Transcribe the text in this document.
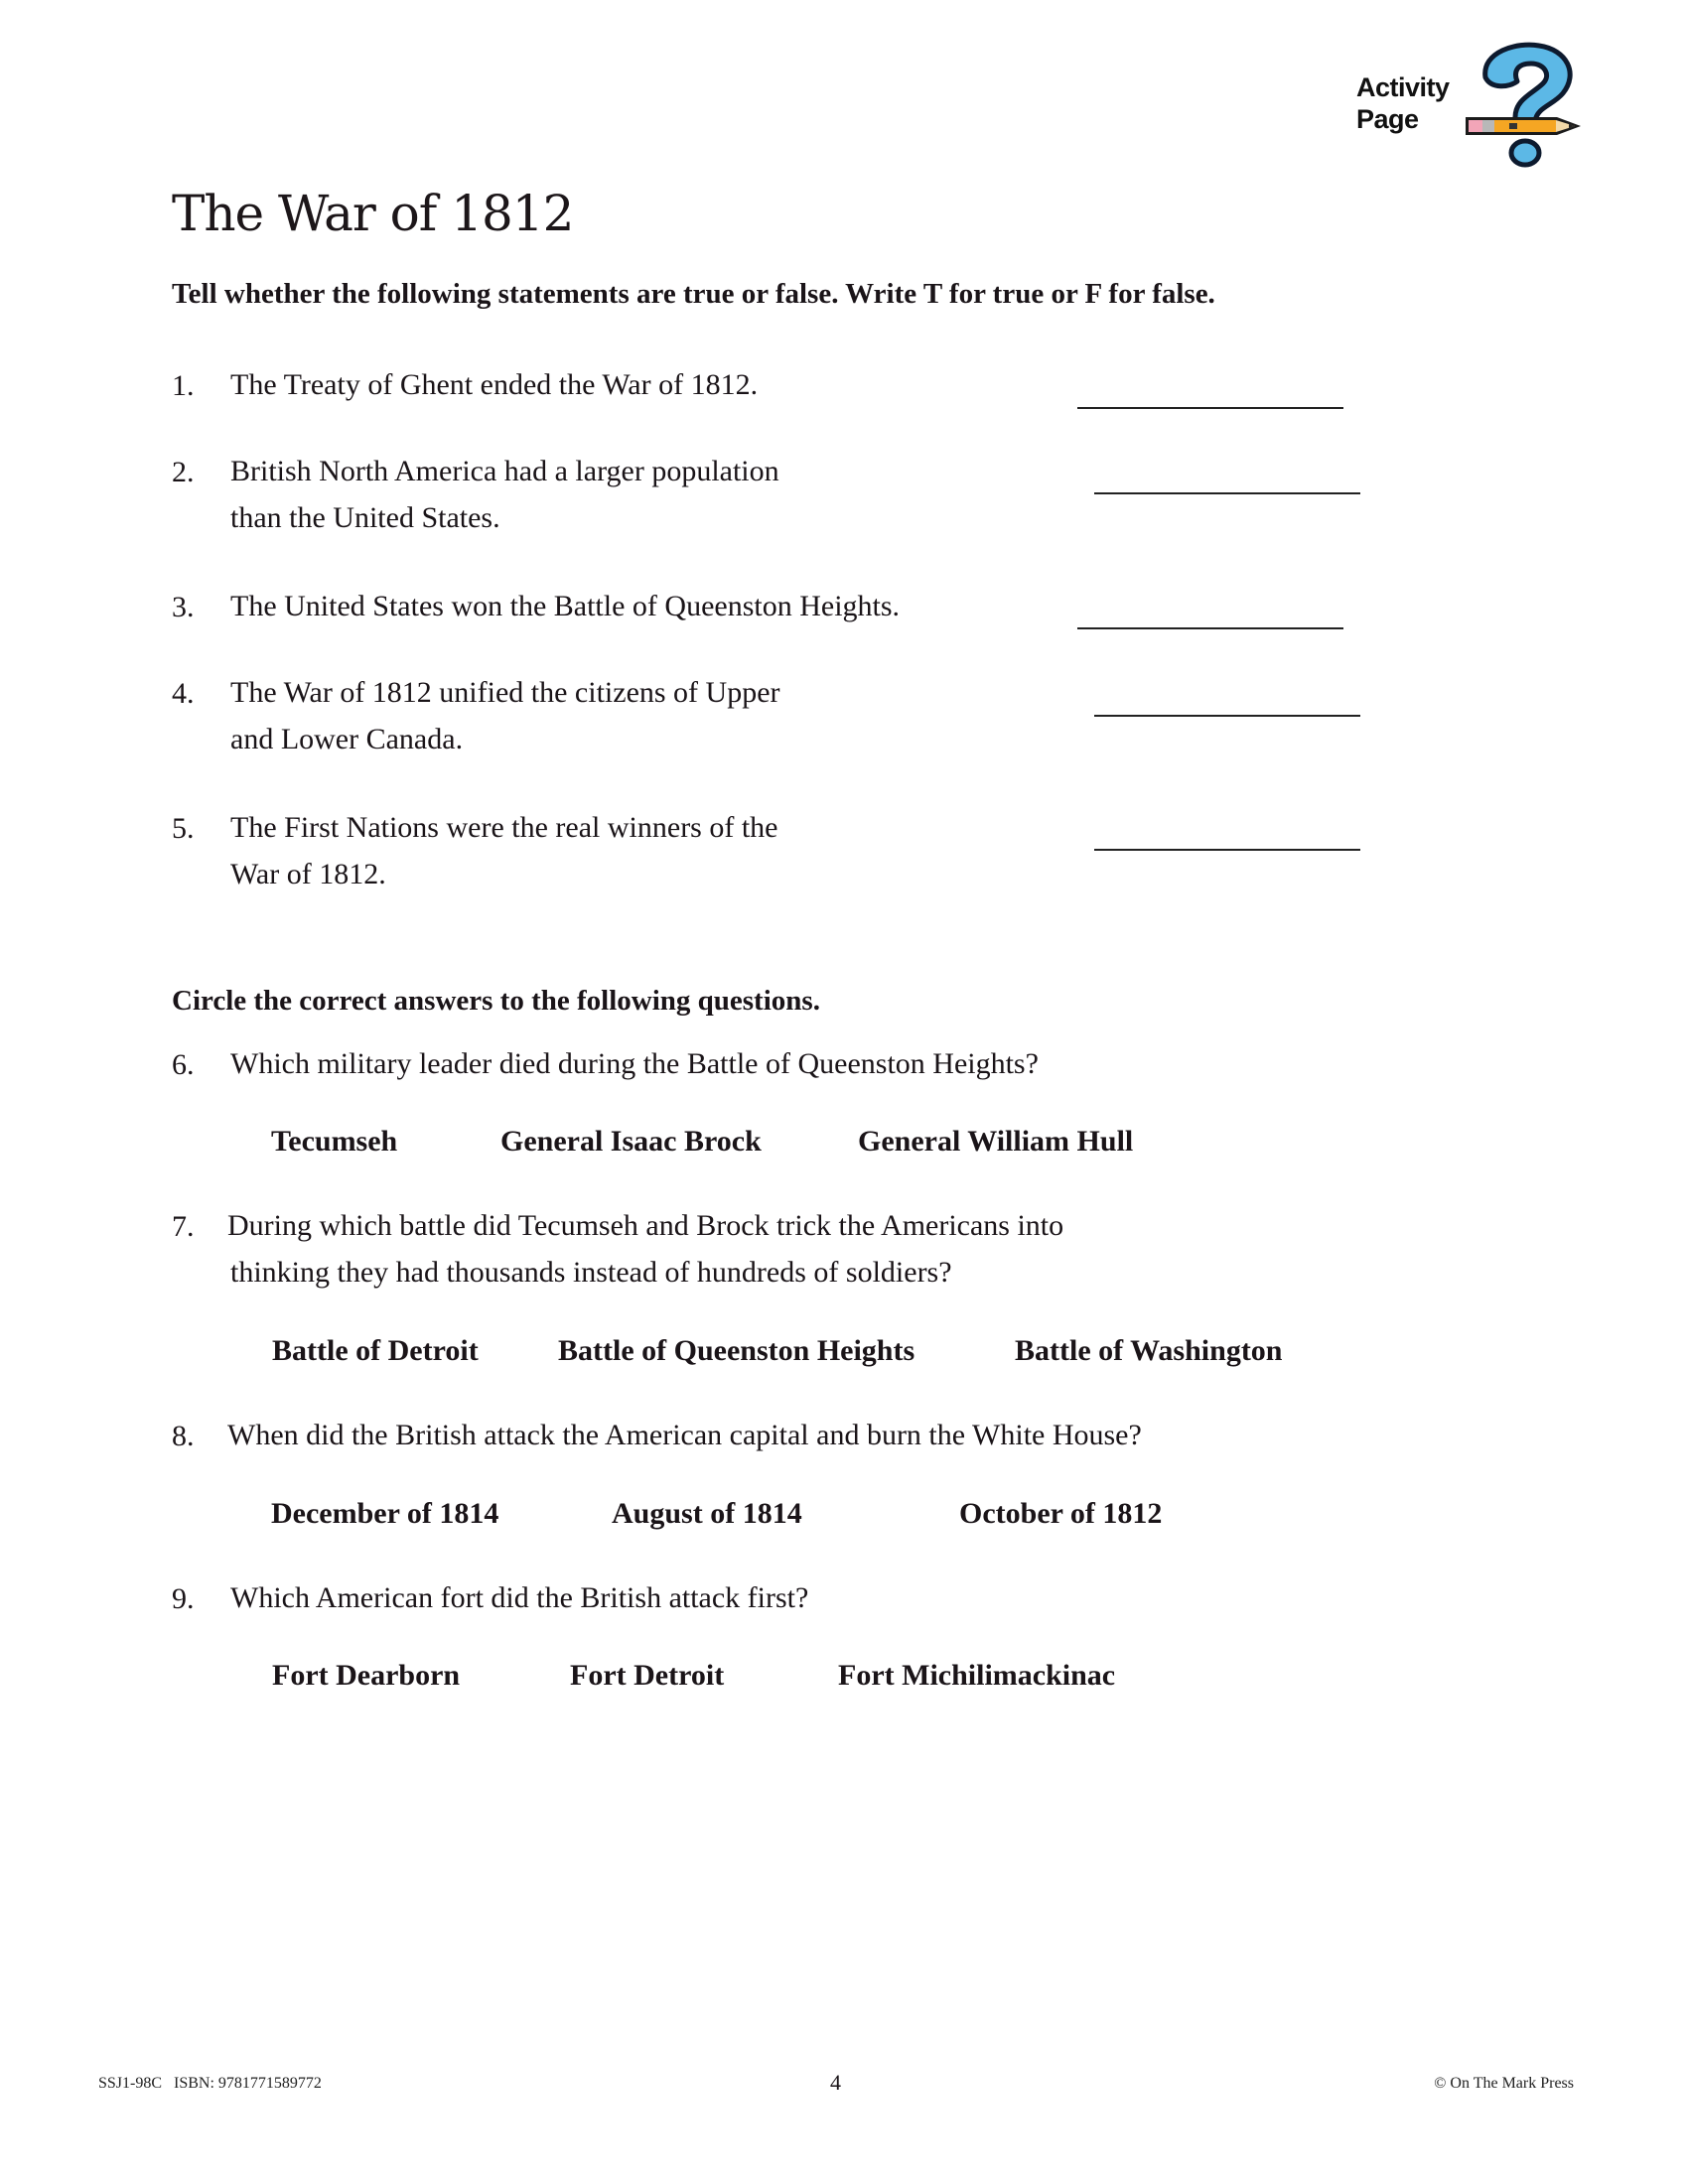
Activity
Page
The War of 1812
Tell whether the following statements are true or false. Write T for true or F for false.
1. The Treaty of Ghent ended the War of 1812.
2. British North America had a larger population
than the United States.
3. The United States won the Battle of Queenston Heights.
4. The War of 1812 unified the citizens of Upper
and Lower Canada.
5. The First Nations were the real winners of the
War of 1812.
Circle the correct answers to the following questions.
6. Which military leader died during the Battle of Queenston Heights?
Tecumseh	General Isaac Brock	General William Hull
7. During which battle did Tecumseh and Brock trick the Americans into
thinking they had thousands instead of hundreds of soldiers?
Battle of Detroit	Battle of Queenston Heights	Battle of Washington
8. When did the British attack the American capital and burn the White House?
December of 1814	August of 1814	October of 1812
9. Which American fort did the British attack first?
Fort Dearborn	Fort Detroit	Fort Michilimackinac
SSJ1-98C ISBN: 9781771589772	4	© On The Mark Press
